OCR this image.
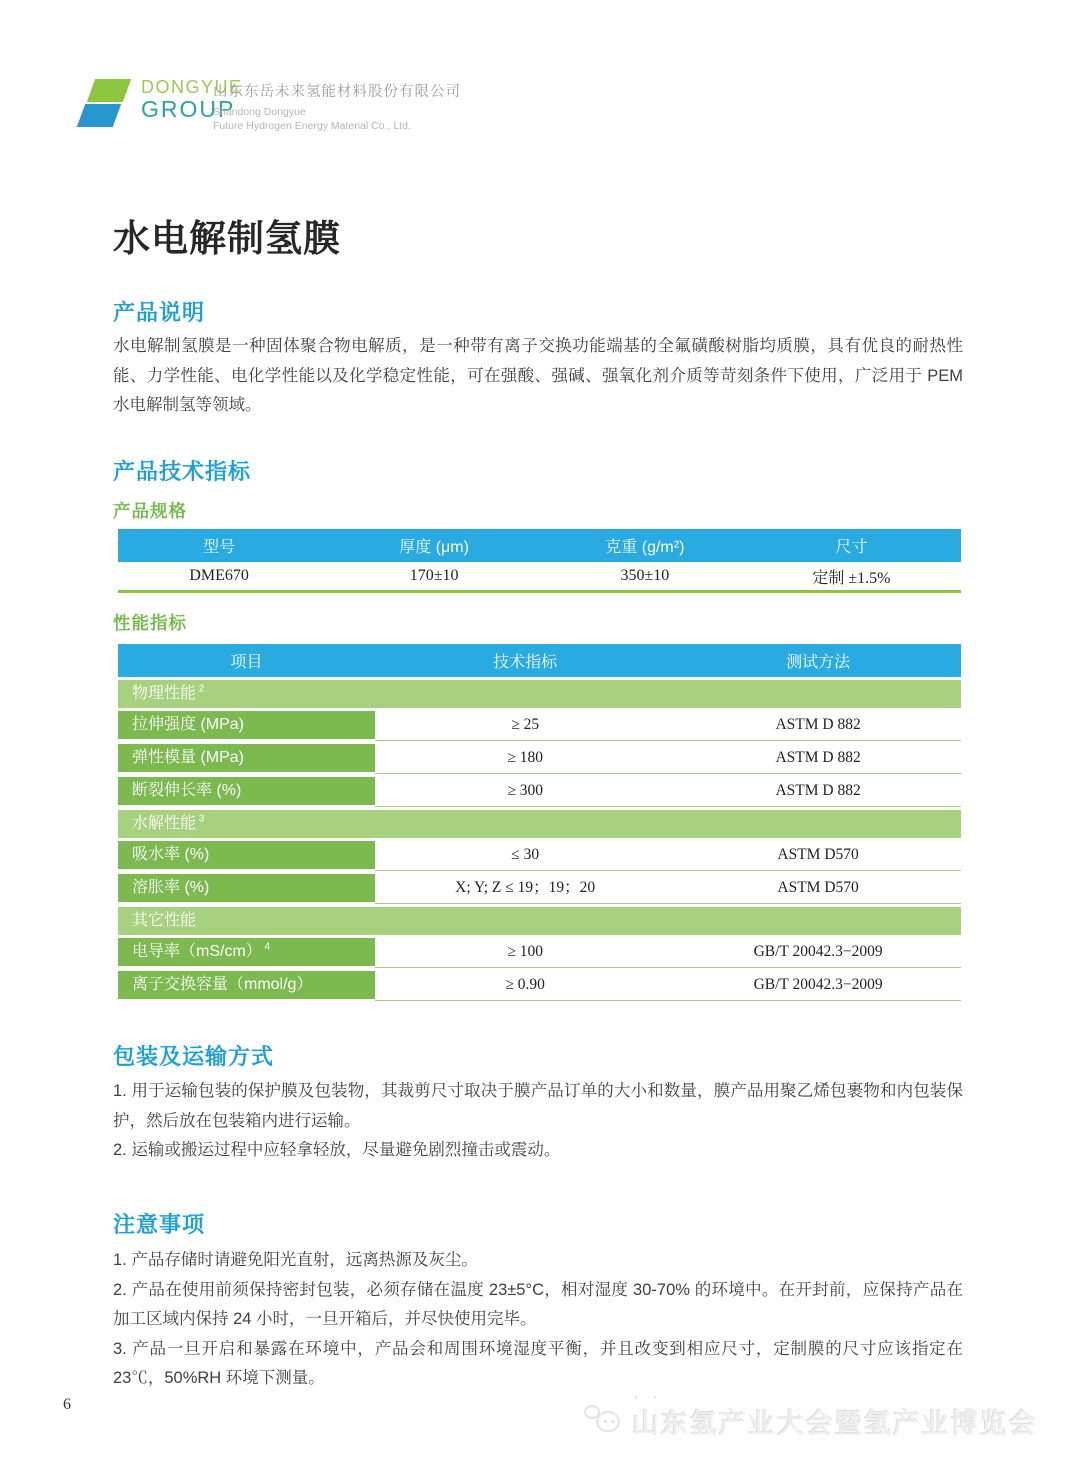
DONGYUE
GROUP
山东东岳未来氢能材料股份有限公司
Shandong Dongyue
Future Hydrogen Energy Material Co., Ltd.
水电解制氢膜
产品说明

水电解制氢膜是一种固体聚合物电解质，是一种带有离子交换功能端基的全氟磺酸树脂均质膜，具有优良的耐热性能、力学性能、电化学性能以及化学稳定性能，可在强酸、强碱、强氧化剂介质等苛刻条件下使用，广泛用于 PEM 水电解制氢等领域。

产品技术指标
产品规格
型号	厚度 (μm)	克重 (g/m²)	尺寸
DME670	170±10	350±10	定制 ±1.5%
性能指标
项目	技术指标	测试方法
物理性能 $^2$
拉伸强度 (MPa)	≥ 25	ASTM D 882
弹性模量 (MPa)	≥ 180	ASTM D 882
断裂伸长率 (%)	≥ 300	ASTM D 882
水解性能 $^3$
吸水率 (%)	≤ 30	ASTM D570
溶胀率 (%)	X; Y; Z ≤ 19；19；20	ASTM D570
其它性能
电导率（mS/cm） $^4$	≥ 100	GB/T 20042.3−2009
离子交换容量（mmol/g）	≥ 0.90	GB/T 20042.3−2009
包装及运输方式

1. 用于运输包装的保护膜及包装物，其裁剪尺寸取决于膜产品订单的大小和数量，膜产品用聚乙烯包裹物和内包装保护，然后放在包装箱内进行运输。

2. 运输或搬运过程中应轻拿轻放，尽量避免剧烈撞击或震动。

注意事项

1. 产品存储时请避免阳光直射，远离热源及灰尘。

2. 产品在使用前须保持密封包装，必须存储在温度 23±5°C，相对湿度 30-70% 的环境中。在开封前，应保持产品在加工区域内保持 24 小时，一旦开箱后，并尽快使用完毕。

3. 产品一旦开启和暴露在环境中，产品会和周围环境湿度平衡，并且改变到相应尺寸，定制膜的尺寸应该指定在 23℃，50%RH 环境下测量。

6
. .
山东氢产业大会暨氢产业博览会
